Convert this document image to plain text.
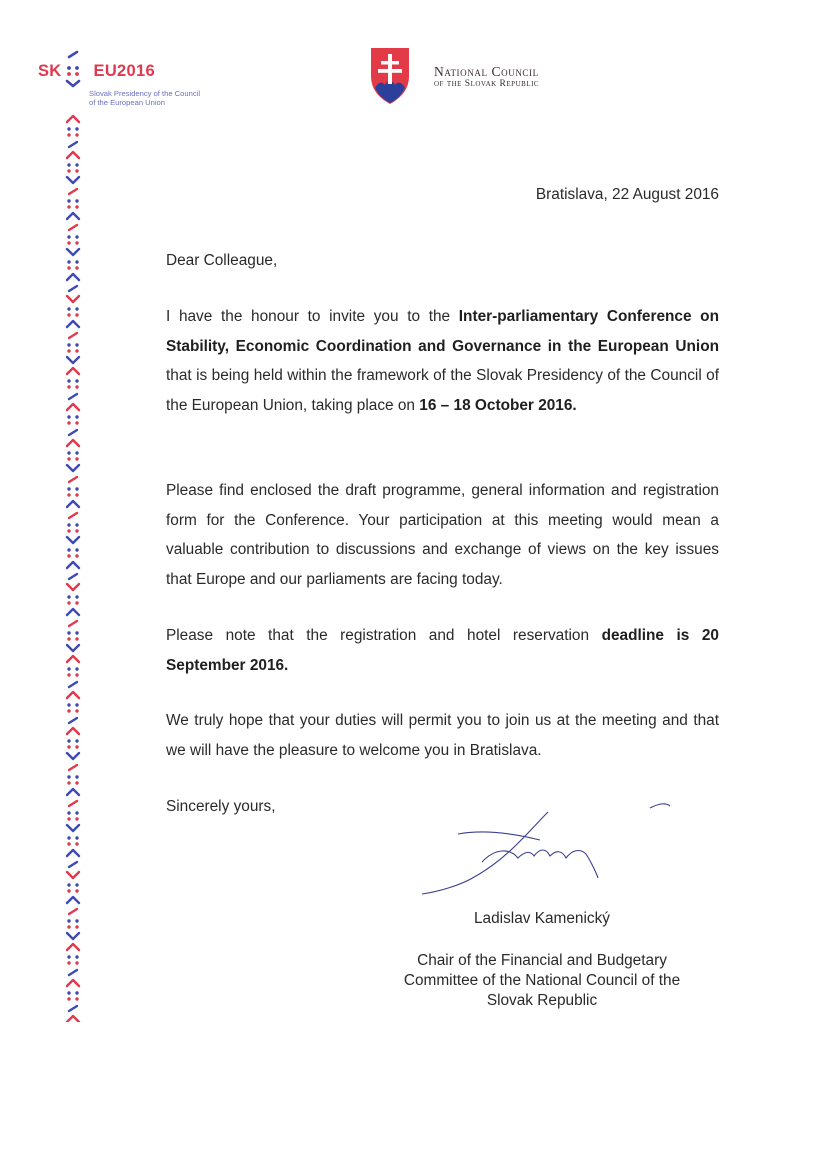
SK EU2016
Slovak Presidency of the Council
of the European Union
National Council
of the Slovak Republic
Bratislava, 22 August 2016
Dear Colleague,
I have the honour to invite you to the Inter-parliamentary Conference on Stability, Economic Coordination and Governance in the European Union that is being held within the framework of the Slovak Presidency of the Council of the European Union, taking place on 16 – 18 October 2016.
Please find enclosed the draft programme, general information and registration form for the Conference. Your participation at this meeting would mean a valuable contribution to discussions and exchange of views on the key issues that Europe and our parliaments are facing today.
Please note that the registration and hotel reservation deadline is 20 September 2016.
We truly hope that your duties will permit you to join us at the meeting and that we will have the pleasure to welcome you in Bratislava.
Sincerely yours,
Ladislav Kamenický
Chair of the Financial and Budgetary
Committee of the National Council of the
Slovak Republic
